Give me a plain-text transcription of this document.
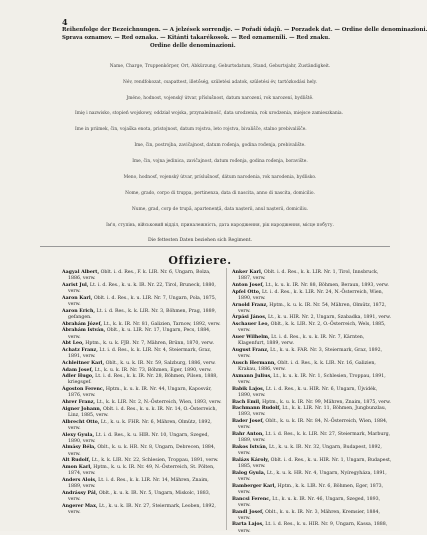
4
Reihenfolge der Bezeichnungen. — A jelzések sorrendje. — Pořadí údajů. — Porzadek dat. — Ordine delle denominazioni.
Sprava oznamov. — Red oznaka. — Kitánti takarékosok. — Red oznamenili. — Red znaku.
Ordine delle denominazioni.
Name, Charge, Truppenkörper, Ort, Abkürzung, Geburtsdatum, Stand, Geburtsjahr, Zuständigkeit.
Név, rendfokozat, csapattest, illetőség, születési adatok, születési év, tartózkodási hely.
Jméno, hodnost, vojenský útvar, příslušnost, datum narození, rok narození, bydliště.
Imię i nazwisko, stopień wojskowy, oddział wojska, przynależność, data urodzenia, rok urodzenia, miejsce zamieszkania.
Ime in priimek, čin, vojaška enota, pristojnost, datum rojstva, leto rojstva, bivališče, stalno prebivališče.
Ime, čin, postrojba, zavičajnost, datum rođenja, godina rođenja, prebivalište.
Ime, čin, vojna jedinica, zavičajnost, datum rođenja, godina rođenja, boravište.
Meno, hodnosť, vojenský útvar, príslušnosť, dátum narodenia, rok narodenia, bydlisko.
Nome, grado, corpo di truppa, pertinenza, data di nascita, anno di nascita, domicilio.
Nume, grad, corp de trupă, apartenență, data nașterii, anul nașterii, domiciliu.
Ім'я, ступінь, військовий відділ, приналежність, дата народження, рік народження, місце побуту.
Die fettesten Daten beziehen sich Regiment.
Offiziere.
Aagyal Albert, Oblt. i. d. Res., F. k. LIR. Nr. 6, Ungarn, Bolza, 1886, verw.
Aarist Jul, Lt. i. d. Res., k. u. k. IR. Nr. 22, Tirol, Bruneck, 1880, verw.
Aaron Karl, Oblt. i. d. Res., k. u. LIR. Nr. 7, Ungarn, Pola, 1875, verw.
Aaron Erich, Lt. i. d. Res., k. k. LIR. Nr. 3, Böhmen, Prag, 1889, gefangen.
Abrahám Józef, Lt., k. k. IR. Nr. 81, Galizien, Tarnow, 1892, verw.
Ábrahám István, Oblt., k. u. LIR. Nr. 17, Ungarn, Pecs, 1884, verw.
Abt Leo, Hptm., k. u. k. FJB. Nr. 7, Mähren, Brünn, 1870, verw.
Achatz Franz, Lt. i. d. Res., k. k. LIR. Nr. 4, Steiermark, Graz, 1891, verw.
Achleitner Karl, Oblt., k. u. k. IR. Nr. 59, Salzburg, 1886, verw.
Adam Josef, Lt., k. u. k. IR. Nr. 73, Böhmen, Eger, 1890, verw.
Adler Hugo, Lt. i. d. Res., k. k. IR. Nr. 28, Böhmen, Pilsen, 1888, kriegsgef.
Ágoston Ferenc, Hptm., k. u. k. IR. Nr. 44, Ungarn, Kaposvár, 1876, verw.
Ahrer Franz, Lt., k. k. LIR. Nr. 2, N.-Österreich, Wien, 1893, verw.
Aigner Johann, Oblt. i. d. Res., k. u. k. IR. Nr. 14, O.-Österreich, Linz, 1885, verw.
Albrecht Otto, Lt., k. u. k. FHR. Nr. 6, Mähren, Olmütz, 1892, verw.
Alexy Gyula, Lt. i. d. Res., k. u. HIR. Nr. 10, Ungarn, Szeged, 1890, verw.
Almásy Béla, Oblt., k. u. k. HR. Nr. 8, Ungarn, Debrecen, 1884, verw.
Alt Rudolf, Lt., k. k. LIR. Nr. 22, Schlesien, Troppau, 1891, verw.
Amon Karl, Hptm., k. u. k. IR. Nr. 49, N.-Österreich, St. Pölten, 1874, verw.
Anders Alois, Lt. i. d. Res., k. k. LIR. Nr. 14, Mähren, Znaim, 1889, verw.
Andrássy Pál, Oblt., k. u. k. IR. Nr. 5, Ungarn, Miskolc, 1883, verw.
Angerer Max, Lt., k. u. k. IR. Nr. 27, Steiermark, Leoben, 1892, verw.
Anker Karl, Oblt. i. d. Res., k. k. LIR. Nr. 1, Tirol, Innsbruck, 1887, verw.
Anton Josef, Lt., k. u. k. IR. Nr. 88, Böhmen, Beraun, 1893, verw.
Apfel Otto, Lt. i. d. Res., k. k. LIR. Nr. 24, N.-Österreich, Wien, 1890, verw.
Arnold Franz, Hptm., k. u. k. IR. Nr. 54, Mähren, Olmütz, 1872, verw.
Árpási János, Lt., k. u. HIR. Nr. 2, Ungarn, Szabadka, 1891, verw.
Aschauer Leo, Oblt., k. k. LIR. Nr. 2, O.-Österreich, Wels, 1885, verw.
Auer Wilhelm, Lt. i. d. Res., k. u. k. IR. Nr. 7, Kärnten, Klagenfurt, 1889, verw.
August Franz, Lt., k. u. k. FAR. Nr. 3, Steiermark, Graz, 1892, verw.
Ausch Hermann, Oblt. i. d. Res., k. k. LIR. Nr. 16, Galizien, Krakau, 1886, verw.
Axmann Julius, Lt., k. u. k. IR. Nr. 1, Schlesien, Troppau, 1891, verw.
Babik Lajos, Lt. i. d. Res., k. u. HIR. Nr. 6, Ungarn, Újvidék, 1890, verw.
Bach Emil, Hptm., k. u. k. IR. Nr. 99, Mähren, Znaim, 1875, verw.
Bachmann Rudolf, Lt., k. k. LIR. Nr. 11, Böhmen, Jungbunzlau, 1893, verw.
Bader Josef, Oblt., k. u. k. IR. Nr. 84, N.-Österreich, Wien, 1884, verw.
Bahr Anton, Lt. i. d. Res., k. k. LIR. Nr. 27, Steiermark, Marburg, 1889, verw.
Bakos István, Lt., k. u. k. IR. Nr. 32, Ungarn, Budapest, 1892, verw.
Balázs Károly, Oblt. i. d. Res., k. u. HIR. Nr. 1, Ungarn, Budapest, 1885, verw.
Balog Gyula, Lt., k. u. k. HR. Nr. 4, Ungarn, Nyíregyháza, 1891, verw.
Bamberger Karl, Hptm., k. k. LIR. Nr. 6, Böhmen, Eger, 1873, verw.
Bancsi Ferenc, Lt., k. u. k. IR. Nr. 46, Ungarn, Szeged, 1893, verw.
Bandl Josef, Oblt., k. u. k. IR. Nr. 3, Mähren, Kremsier, 1884, verw.
Barta Lajos, Lt. i. d. Res., k. u. HIR. Nr. 9, Ungarn, Kassa, 1888, verw.
